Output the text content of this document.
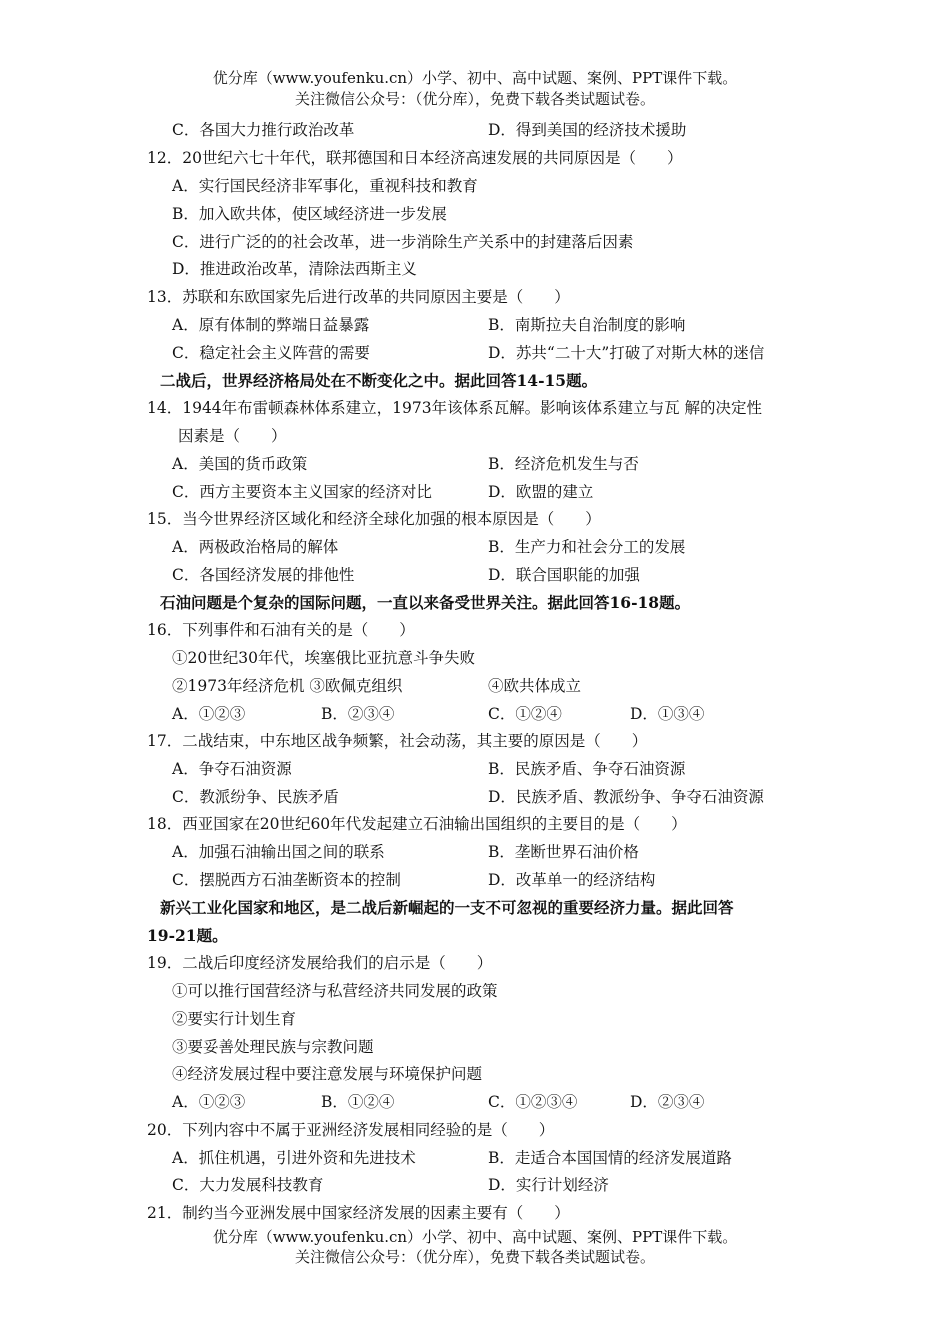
优分库（www.youfenku.cn）小学、初中、高中试题、案例、PPT课件下载。
关注微信公众号：（优分库），免费下载各类试题试卷。
C．各国大力推行政治改革	D．得到美国的经济技术援助
12．20世纪六七十年代，联邦德国和日本经济高速发展的共同原因是（　　）
A．实行国民经济非军事化，重视科技和教育
B．加入欧共体，使区域经济进一步发展
C．进行广泛的的社会改革，进一步消除生产关系中的封建落后因素
D．推进政治改革，清除法西斯主义
13．苏联和东欧国家先后进行改革的共同原因主要是（　　）
A．原有体制的弊端日益暴露	B．南斯拉夫自治制度的影响
C．稳定社会主义阵营的需要	D．苏共“二十大”打破了对斯大林的迷信
二战后，世界经济格局处在不断变化之中。据此回答14-15题。
14．1944年布雷顿森林体系建立，1973年该体系瓦解。影响该体系建立与瓦 解的决定性
因素是（　　）
A．美国的货币政策	B．经济危机发生与否
C．西方主要资本主义国家的经济对比	D．欧盟的建立
15．当今世界经济区域化和经济全球化加强的根本原因是（　　）
A．两极政治格局的解体	B．生产力和社会分工的发展
C．各国经济发展的排他性	D．联合国职能的加强
石油问题是个复杂的国际问题，一直以来备受世界关注。据此回答16-18题。
16．下列事件和石油有关的是（　　）
①20世纪30年代，埃塞俄比亚抗意斗争失败
②1973年经济危机 ③欧佩克组织	④欧共体成立
A．①②③	B．②③④	C．①②④	D．①③④
17．二战结束，中东地区战争频繁，社会动荡，其主要的原因是（　　）
A．争夺石油资源	B．民族矛盾、争夺石油资源
C．教派纷争、民族矛盾	D．民族矛盾、教派纷争、争夺石油资源
18．西亚国家在20世纪60年代发起建立石油输出国组织的主要目的是（　　）
A．加强石油输出国之间的联系	B．垄断世界石油价格
C．摆脱西方石油垄断资本的控制	D．改革单一的经济结构
新兴工业化国家和地区，是二战后新崛起的一支不可忽视的重要经济力量。据此回答
19-21题。
19．二战后印度经济发展给我们的启示是（　　）
①可以推行国营经济与私营经济共同发展的政策
②要实行计划生育
③要妥善处理民族与宗教问题
④经济发展过程中要注意发展与环境保护问题
A．①②③	B．①②④	C．①②③④	D．②③④
20．下列内容中不属于亚洲经济发展相同经验的是（　　）
A．抓住机遇，引进外资和先进技术	B．走适合本国国情的经济发展道路
C．大力发展科技教育	D．实行计划经济
21．制约当今亚洲发展中国家经济发展的因素主要有（　　）
优分库（www.youfenku.cn）小学、初中、高中试题、案例、PPT课件下载。
关注微信公众号：（优分库），免费下载各类试题试卷。
